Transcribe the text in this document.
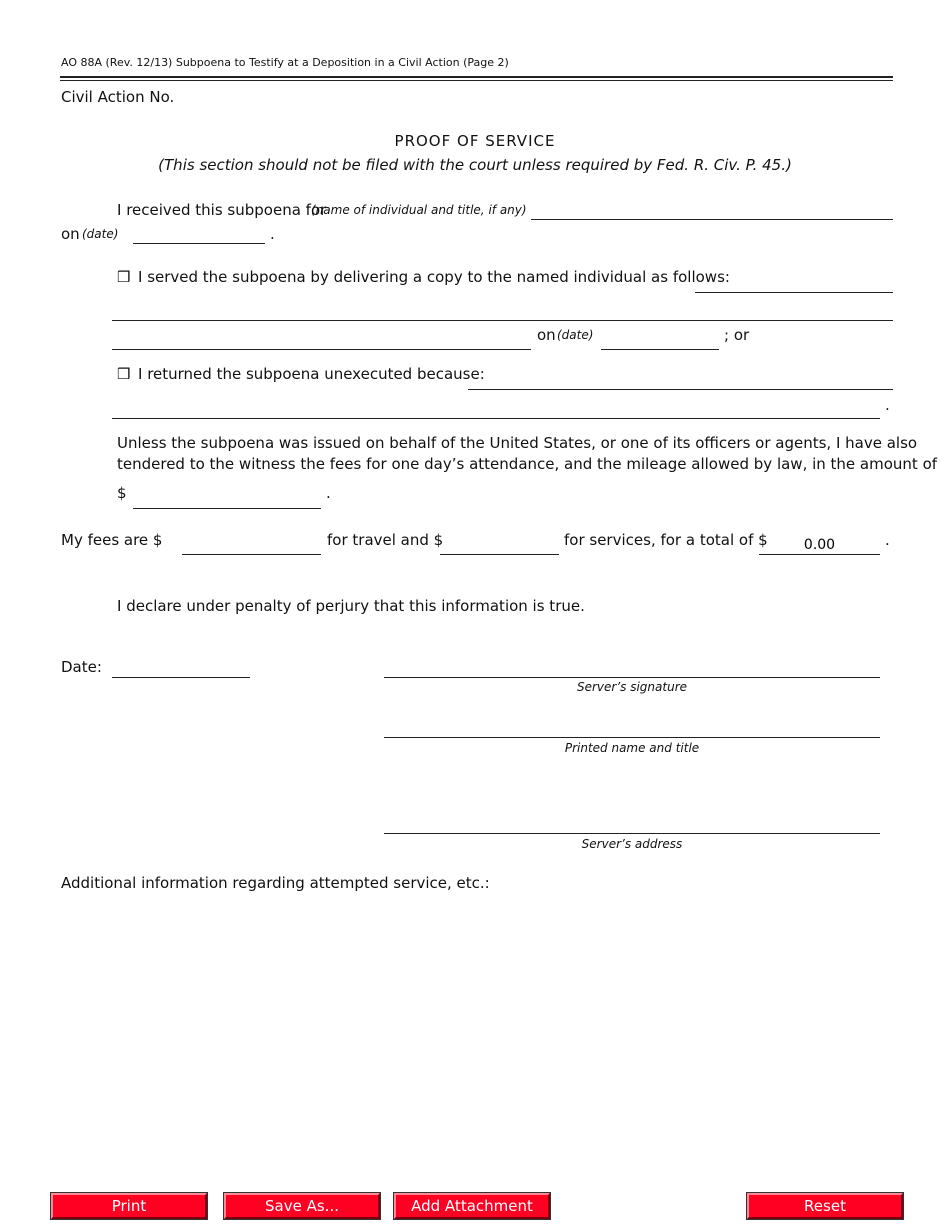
AO 88A (Rev. 12/13) Subpoena to Testify at a Deposition in a Civil Action (Page 2)
Civil Action No.
PROOF OF SERVICE
(This section should not be filed with the court unless required by Fed. R. Civ. P. 45.)
I received this subpoena for
(name of individual and title, if any)
on (date)	.
❒ I served the subpoena by delivering a copy to the named individual as follows:
on (date)	; or
❒ I returned the subpoena unexecuted because:
.
Unless the subpoena was issued on behalf of the United States, or one of its officers or agents, I have also
tendered to the witness the fees for one day’s attendance, and the mileage allowed by law, in the amount of
$	.
My fees are $	for travel and $	for services, for a total of $
0.00	.
I declare under penalty of perjury that this information is true.
Date:
Server’s signature
Printed name and title
Server’s address
Additional information regarding attempted service, etc.:
Print	Save As...	Add Attachment	Reset
